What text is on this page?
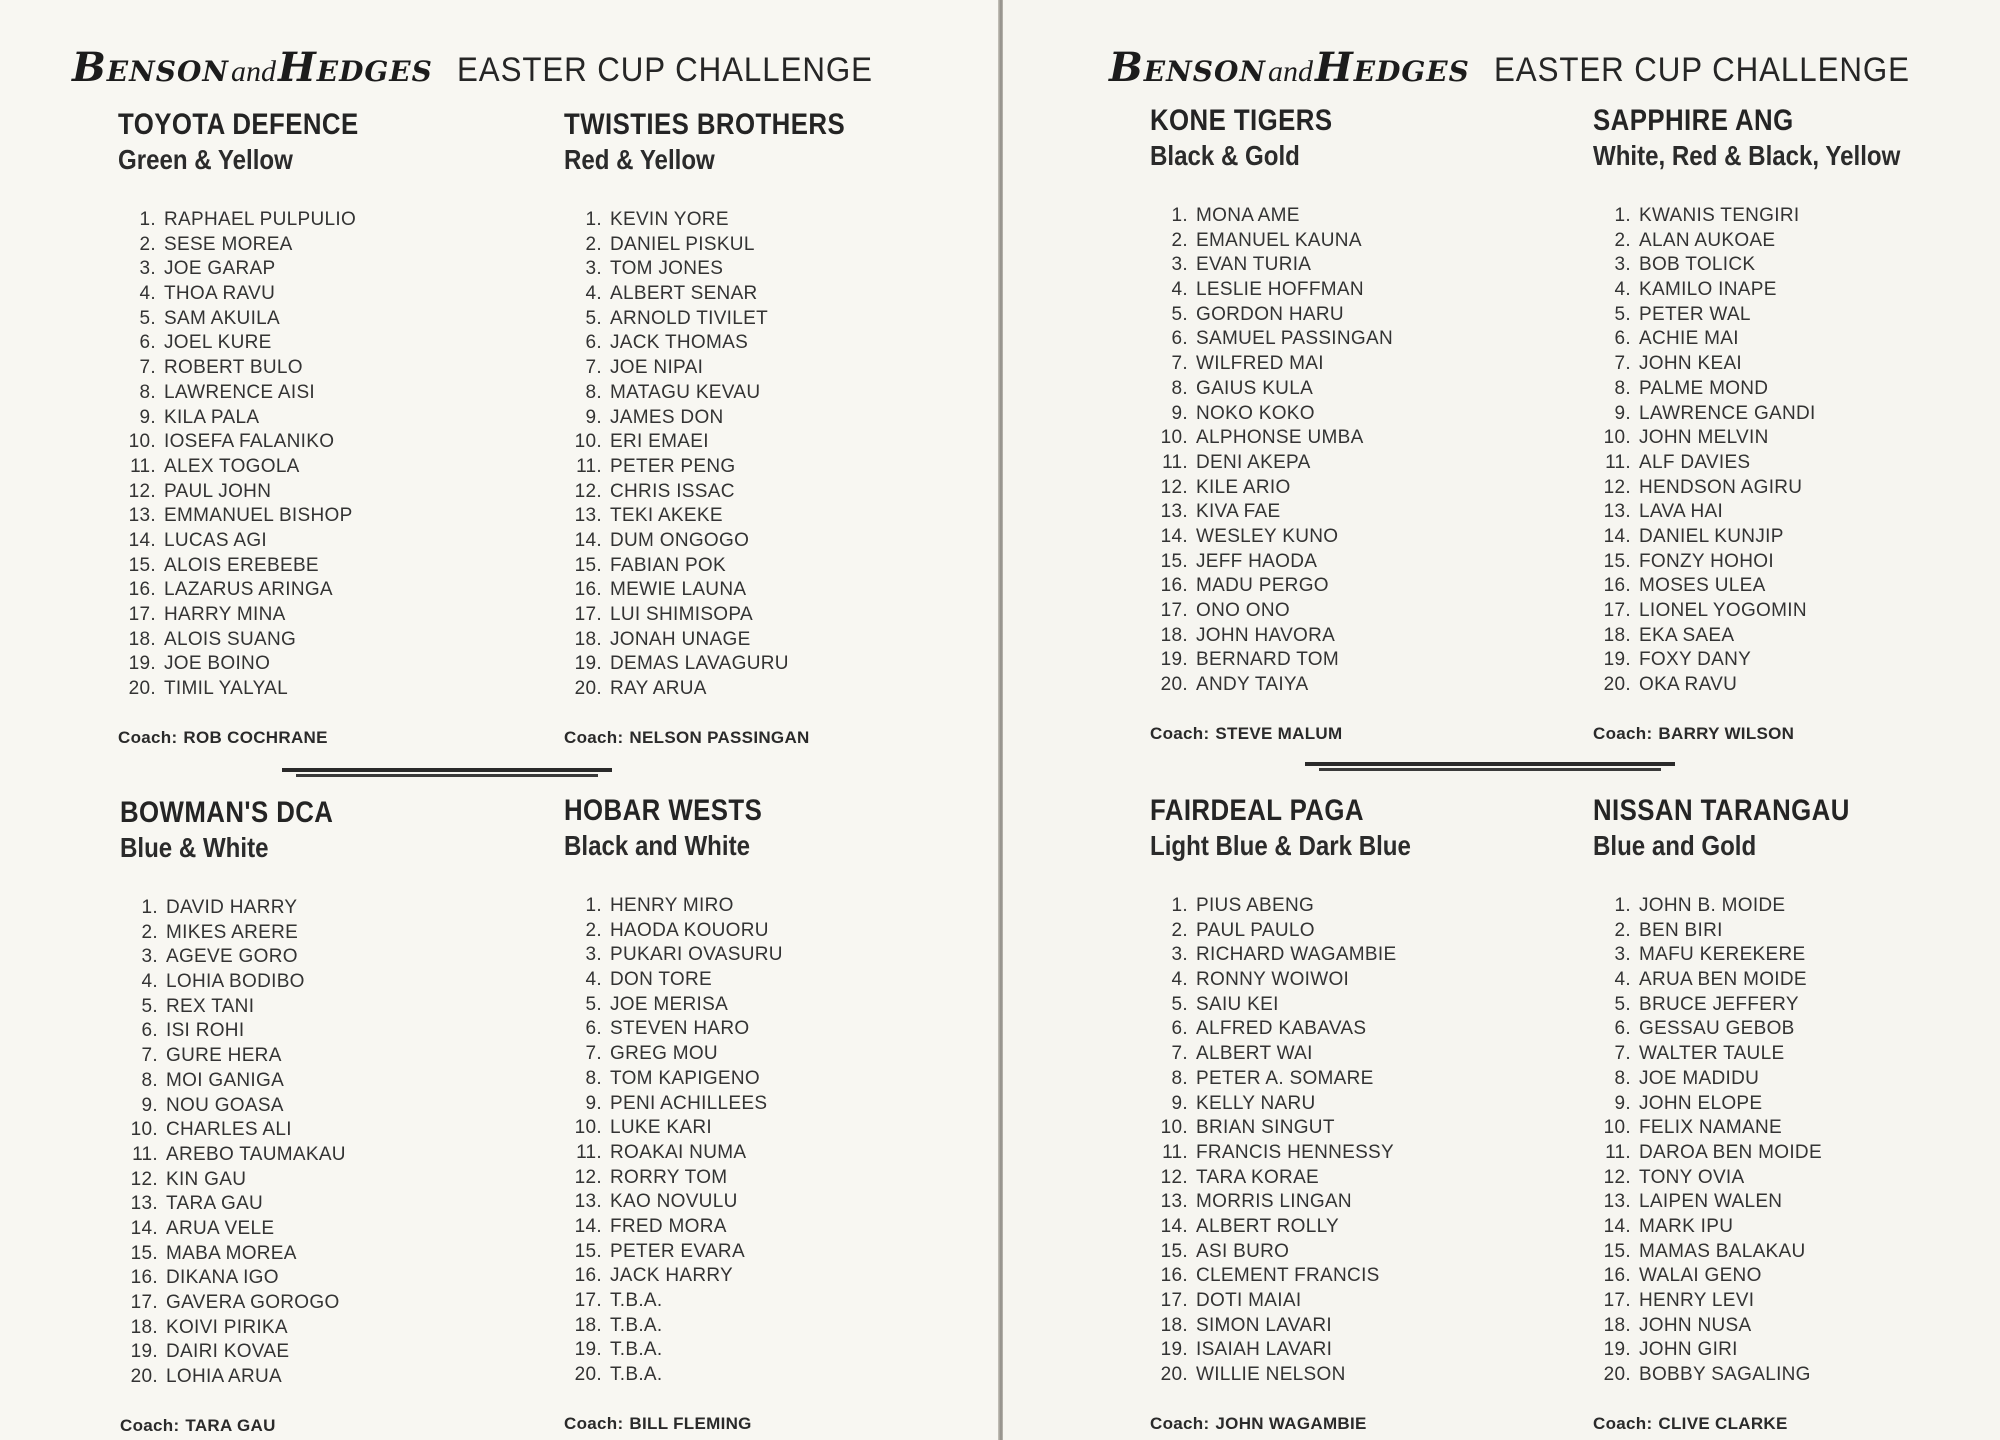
BensonandHedges EASTER CUP CHALLENGE
TOYOTA DEFENCE
Green & Yellow
1. RAPHAEL PULPULIO
2. SESE MOREA
3. JOE GARAP
4. THOA RAVU
5. SAM AKUILA
6. JOEL KURE
7. ROBERT BULO
8. LAWRENCE AISI
9. KILA PALA
10. IOSEFA FALANIKO
11. ALEX TOGOLA
12. PAUL JOHN
13. EMMANUEL BISHOP
14. LUCAS AGI
15. ALOIS EREBEBE
16. LAZARUS ARINGA
17. HARRY MINA
18. ALOIS SUANG
19. JOE BOINO
20. TIMIL YALYAL
Coach: ROB COCHRANE
TWISTIES BROTHERS
Red & Yellow
1. KEVIN YORE
2. DANIEL PISKUL
3. TOM JONES
4. ALBERT SENAR
5. ARNOLD TIVILET
6. JACK THOMAS
7. JOE NIPAI
8. MATAGU KEVAU
9. JAMES DON
10. ERI EMAEI
11. PETER PENG
12. CHRIS ISSAC
13. TEKI AKEKE
14. DUM ONGOGO
15. FABIAN POK
16. MEWIE LAUNA
17. LUI SHIMISOPA
18. JONAH UNAGE
19. DEMAS LAVAGURU
20. RAY ARUA
Coach: NELSON PASSINGAN
BOWMAN'S DCA
Blue & White
1. DAVID HARRY
2. MIKES ARERE
3. AGEVE GORO
4. LOHIA BODIBO
5. REX TANI
6. ISI ROHI
7. GURE HERA
8. MOI GANIGA
9. NOU GOASA
10. CHARLES ALI
11. AREBO TAUMAKAU
12. KIN GAU
13. TARA GAU
14. ARUA VELE
15. MABA MOREA
16. DIKANA IGO
17. GAVERA GOROGO
18. KOIVI PIRIKA
19. DAIRI KOVAE
20. LOHIA ARUA
Coach: TARA GAU
HOBAR WESTS
Black and White
1. HENRY MIRO
2. HAODA KOUORU
3. PUKARI OVASURU
4. DON TORE
5. JOE MERISA
6. STEVEN HARO
7. GREG MOU
8. TOM KAPIGENO
9. PENI ACHILLEES
10. LUKE KARI
11. ROAKAI NUMA
12. RORRY TOM
13. KAO NOVULU
14. FRED MORA
15. PETER EVARA
16. JACK HARRY
17. T.B.A.
18. T.B.A.
19. T.B.A.
20. T.B.A.
Coach: BILL FLEMING
BensonandHedges EASTER CUP CHALLENGE
KONE TIGERS
Black & Gold
1. MONA AME
2. EMANUEL KAUNA
3. EVAN TURIA
4. LESLIE HOFFMAN
5. GORDON HARU
6. SAMUEL PASSINGAN
7. WILFRED MAI
8. GAIUS KULA
9. NOKO KOKO
10. ALPHONSE UMBA
11. DENI AKEPA
12. KILE ARIO
13. KIVA FAE
14. WESLEY KUNO
15. JEFF HAODA
16. MADU PERGO
17. ONO ONO
18. JOHN HAVORA
19. BERNARD TOM
20. ANDY TAIYA
Coach: STEVE MALUM
SAPPHIRE ANG
White, Red & Black, Yellow
1. KWANIS TENGIRI
2. ALAN AUKOAE
3. BOB TOLICK
4. KAMILO INAPE
5. PETER WAL
6. ACHIE MAI
7. JOHN KEAI
8. PALME MOND
9. LAWRENCE GANDI
10. JOHN MELVIN
11. ALF DAVIES
12. HENDSON AGIRU
13. LAVA HAI
14. DANIEL KUNJIP
15. FONZY HOHOI
16. MOSES ULEA
17. LIONEL YOGOMIN
18. EKA SAEA
19. FOXY DANY
20. OKA RAVU
Coach: BARRY WILSON
FAIRDEAL PAGA
Light Blue & Dark Blue
1. PIUS ABENG
2. PAUL PAULO
3. RICHARD WAGAMBIE
4. RONNY WOIWOI
5. SAIU KEI
6. ALFRED KABAVAS
7. ALBERT WAI
8. PETER A. SOMARE
9. KELLY NARU
10. BRIAN SINGUT
11. FRANCIS HENNESSY
12. TARA KORAE
13. MORRIS LINGAN
14. ALBERT ROLLY
15. ASI BURO
16. CLEMENT FRANCIS
17. DOTI MAIAI
18. SIMON LAVARI
19. ISAIAH LAVARI
20. WILLIE NELSON
Coach: JOHN WAGAMBIE
NISSAN TARANGAU
Blue and Gold
1. JOHN B. MOIDE
2. BEN BIRI
3. MAFU KEREKERE
4. ARUA BEN MOIDE
5. BRUCE JEFFERY
6. GESSAU GEBOB
7. WALTER TAULE
8. JOE MADIDU
9. JOHN ELOPE
10. FELIX NAMANE
11. DAROA BEN MOIDE
12. TONY OVIA
13. LAIPEN WALEN
14. MARK IPU
15. MAMAS BALAKAU
16. WALAI GENO
17. HENRY LEVI
18. JOHN NUSA
19. JOHN GIRI
20. BOBBY SAGALING
Coach: CLIVE CLARKE
